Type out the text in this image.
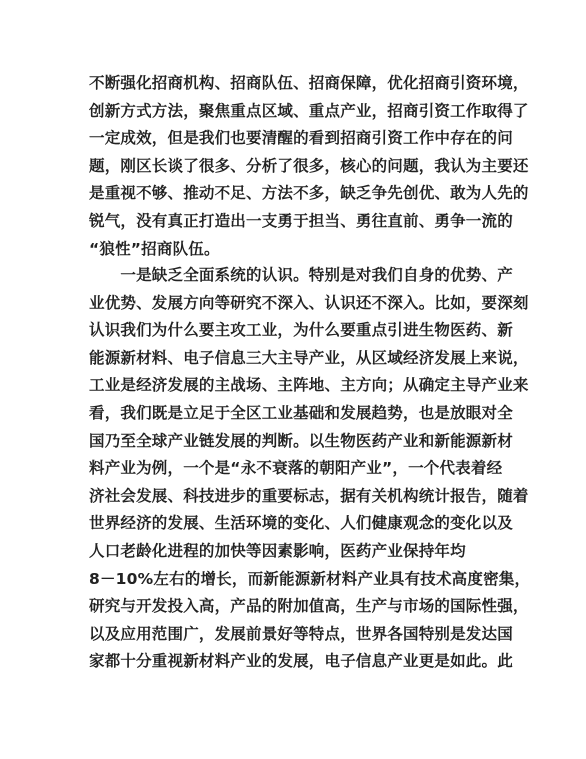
不断强化招商机构、招商队伍、招商保障，优化招商引资环境，
创新方式方法，聚焦重点区域、重点产业，招商引资工作取得了
一定成效，但是我们也要清醒的看到招商引资工作中存在的问
题，刚区长谈了很多、分析了很多，核心的问题，我认为主要还
是重视不够、推动不足、方法不多，缺乏争先创优、敢为人先的
锐气，没有真正打造出一支勇于担当、勇往直前、勇争一流的
“狼性”招商队伍。
　　一是缺乏全面系统的认识。特别是对我们自身的优势、产
业优势、发展方向等研究不深入、认识还不深入。比如，要深刻
认识我们为什么要主攻工业，为什么要重点引进生物医药、新
能源新材料、电子信息三大主导产业，从区域经济发展上来说，
工业是经济发展的主战场、主阵地、主方向；从确定主导产业来
看，我们既是立足于全区工业基础和发展趋势，也是放眼对全
国乃至全球产业链发展的判断。以生物医药产业和新能源新材
料产业为例，一个是“永不衰落的朝阳产业”，一个代表着经
济社会发展、科技进步的重要标志，据有关机构统计报告，随着
世界经济的发展、生活环境的变化、人们健康观念的变化以及
人口老龄化进程的加快等因素影响，医药产业保持年均
8－10%左右的增长，而新能源新材料产业具有技术高度密集，
研究与开发投入高，产品的附加值高，生产与市场的国际性强，
以及应用范围广，发展前景好等特点，世界各国特别是发达国
家都十分重视新材料产业的发展，电子信息产业更是如此。此
